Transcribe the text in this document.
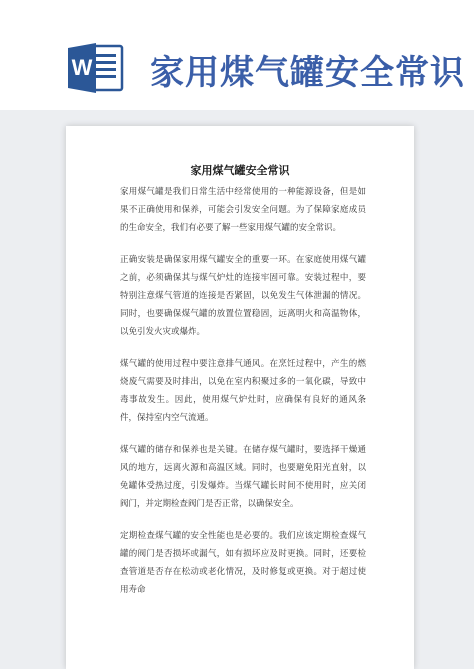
W 家用煤气罐安全常识
家用煤气罐安全常识

家用煤气罐是我们日常生活中经常使用的一种能源设备，但是如果不正确使用和保养，可能会引发安全问题。为了保障家庭成员的生命安全，我们有必要了解一些家用煤气罐的安全常识。

正确安装是确保家用煤气罐安全的重要一环。在家庭使用煤气罐之前，必须确保其与煤气炉灶的连接牢固可靠。安装过程中，要特别注意煤气管道的连接是否紧固，以免发生气体泄漏的情况。同时，也要确保煤气罐的放置位置稳固，远离明火和高温物体，以免引发火灾或爆炸。

煤气罐的使用过程中要注意排气通风。在烹饪过程中，产生的燃烧废气需要及时排出，以免在室内积聚过多的一氧化碳，导致中毒事故发生。因此，使用煤气炉灶时，应确保有良好的通风条件，保持室内空气流通。

煤气罐的储存和保养也是关键。在储存煤气罐时，要选择干燥通风的地方，远离火源和高温区域。同时，也要避免阳光直射，以免罐体受热过度，引发爆炸。当煤气罐长时间不使用时，应关闭阀门，并定期检查阀门是否正常，以确保安全。

定期检查煤气罐的安全性能也是必要的。我们应该定期检查煤气罐的阀门是否损坏或漏气，如有损坏应及时更换。同时，还要检查管道是否存在松动或老化情况，及时修复或更换。对于超过使用寿命
